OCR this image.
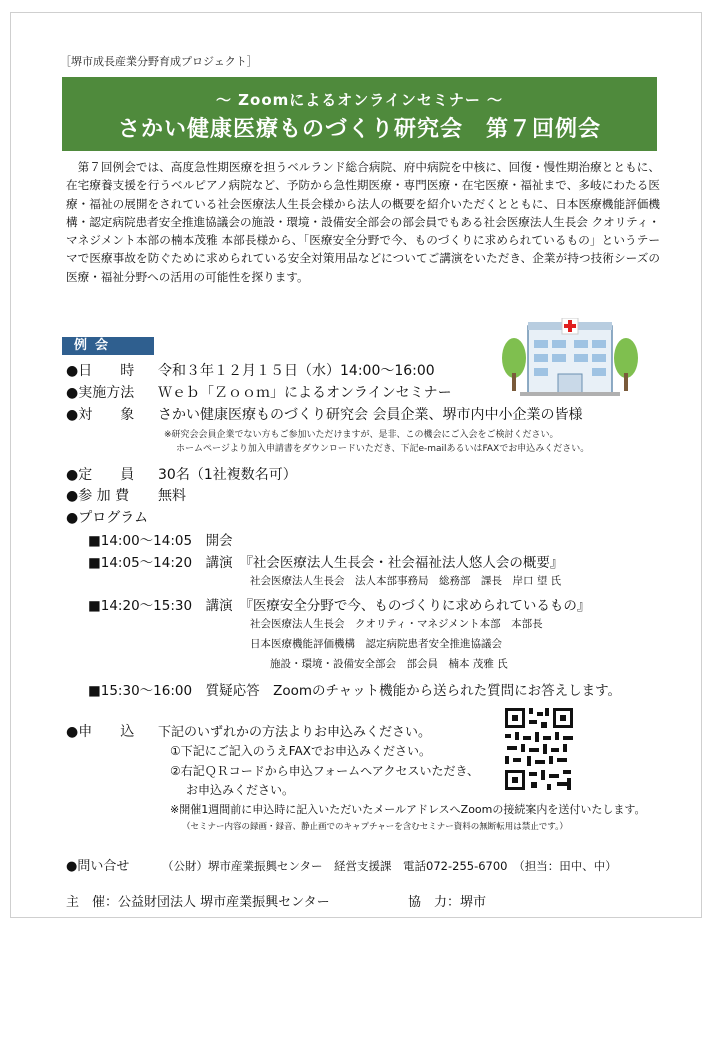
［堺市成長産業分野育成プロジェクト］
～ Zoomによるオンラインセミナー ～
さかい健康医療ものづくり研究会　第７回例会
第７回例会では、高度急性期医療を担うベルランド総合病院、府中病院を中核に、回復・慢性期治療とともに、在宅療養支援を行うベルピアノ病院など、予防から急性期医療・専門医療・在宅医療・福祉まで、多岐にわたる医療・福祉の展開をされている社会医療法人生長会様から法人の概要を紹介いただくとともに、日本医療機能評価機構・認定病院患者安全推進協議会の施設・環境・設備安全部会の部会員でもある社会医療法人生長会 クオリティ・マネジメント本部の楠本茂雅 本部長様から、「医療安全分野で今、ものづくりに求められているもの」というテーマで医療事故を防ぐために求められている安全対策用品などについてご講演をいただき、企業が持つ技術シーズの医療・福祉分野への活用の可能性を探ります。
例会
●日　　時 令和３年１２月１５日（水）14:00～16:00
●実施方法 Ｗｅｂ「Ｚｏｏｍ」によるオンラインセミナー
●対　　象 さかい健康医療ものづくり研究会 会員企業、堺市内中小企業の皆様
※研究会会員企業でない方もご参加いただけますが、是非、この機会にご入会をご検討ください。
ホームページより加入申請書をダウンロードいただき、下記e-mailあるいはFAXでお申込みください。
●定　　員 30名（1社複数名可）
●参 加 費 無料
●プログラム
■14:00～14:05　 開会
■14:05～14:20　 講演　 『社会医療法人生長会・社会福祉法人悠人会の概要』
社会医療法人生長会　法人本部事務局　総務部　課長　岸口 望 氏
■14:20～15:30　 講演　 『医療安全分野で今、ものづくりに求められているもの』
社会医療法人生長会　クオリティ・マネジメント本部　本部長
日本医療機能評価機構　認定病院患者安全推進協議会
施設・環境・設備安全部会　部会員　楠本 茂雅 氏
■15:30～16:00　 質疑応答　 Zoomのチャット機能から送られた質問にお答えします。
●申　　込 下記のいずれかの方法よりお申込みください。
①下記にご記入のうえFAXでお申込みください。
②右記ＱＲコードから申込フォームへアクセスいただき、
お申込みください。
※開催1週間前に申込時に記入いただいたメールアドレスへZoomの接続案内を送付いたします。
（セミナー内容の録画・録音、静止画でのキャプチャーを含むセミナー資料の無断転用は禁止です。）
●問い合せ	（公財）堺市産業振興センター　経営支援課　電話072-255-6700　（担当：田中、中）
主　催：公益財団法人 堺市産業振興センター	協　力：堺市
